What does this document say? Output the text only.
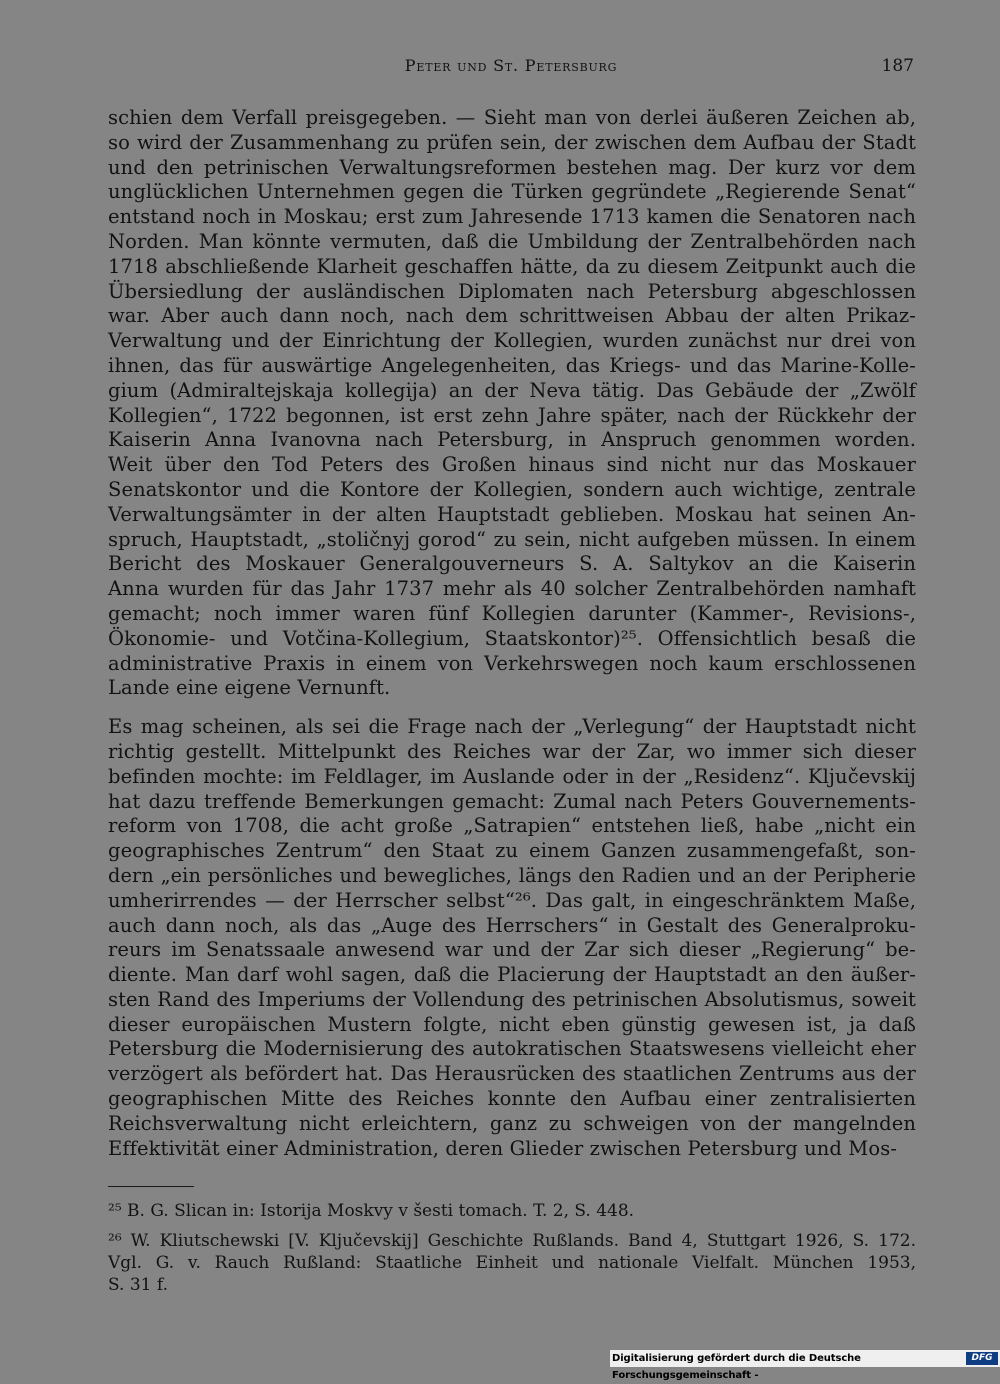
Peter und St. Petersburg	187

schien dem Verfall preisgegeben. — Sieht man von derlei äußeren Zeichen ab,

so wird der Zusammenhang zu prüfen sein, der zwischen dem Aufbau der Stadt

und den petrinischen Verwaltungsreformen bestehen mag. Der kurz vor dem

unglücklichen Unternehmen gegen die Türken gegründete „Regierende Senat“

entstand noch in Moskau; erst zum Jahresende 1713 kamen die Senatoren nach

Norden. Man könnte vermuten, daß die Umbildung der Zentralbehörden nach

1718 abschließende Klarheit geschaffen hätte, da zu diesem Zeitpunkt auch die

Übersiedlung der ausländischen Diplomaten nach Petersburg abgeschlossen

war. Aber auch dann noch, nach dem schrittweisen Abbau der alten Prikaz-

Verwaltung und der Einrichtung der Kollegien, wurden zunächst nur drei von

ihnen, das für auswärtige Angelegenheiten, das Kriegs- und das Marine-Kolle-

gium (Admiraltejskaja kollegija) an der Neva tätig. Das Gebäude der „Zwölf

Kollegien“, 1722 begonnen, ist erst zehn Jahre später, nach der Rückkehr der

Kaiserin Anna Ivanovna nach Petersburg, in Anspruch genommen worden.

Weit über den Tod Peters des Großen hinaus sind nicht nur das Moskauer

Senatskontor und die Kontore der Kollegien, sondern auch wichtige, zentrale

Verwaltungsämter in der alten Hauptstadt geblieben. Moskau hat seinen An-

spruch, Hauptstadt, „stoličnyj gorod“ zu sein, nicht aufgeben müssen. In einem

Bericht des Moskauer Generalgouverneurs S. A. Saltykov an die Kaiserin

Anna wurden für das Jahr 1737 mehr als 40 solcher Zentralbehörden namhaft

gemacht; noch immer waren fünf Kollegien darunter (Kammer-, Revisions-,

Ökonomie- und Votčina-Kollegium, Staatskontor)²⁵. Offensichtlich besaß die

administrative Praxis in einem von Verkehrswegen noch kaum erschlossenen

Lande eine eigene Vernunft.

Es mag scheinen, als sei die Frage nach der „Verlegung“ der Hauptstadt nicht

richtig gestellt. Mittelpunkt des Reiches war der Zar, wo immer sich dieser

befinden mochte: im Feldlager, im Auslande oder in der „Residenz“. Ključevskij

hat dazu treffende Bemerkungen gemacht: Zumal nach Peters Gouvernements-

reform von 1708, die acht große „Satrapien“ entstehen ließ, habe „nicht ein

geographisches Zentrum“ den Staat zu einem Ganzen zusammengefaßt, son-

dern „ein persönliches und bewegliches, längs den Radien und an der Peripherie

umherirrendes — der Herrscher selbst“²⁶. Das galt, in eingeschränktem Maße,

auch dann noch, als das „Auge des Herrschers“ in Gestalt des Generalproku-

reurs im Senatssaale anwesend war und der Zar sich dieser „Regierung“ be-

diente. Man darf wohl sagen, daß die Placierung der Hauptstadt an den äußer-

sten Rand des Imperiums der Vollendung des petrinischen Absolutismus, soweit

dieser europäischen Mustern folgte, nicht eben günstig gewesen ist, ja daß

Petersburg die Modernisierung des autokratischen Staatswesens vielleicht eher

verzögert als befördert hat. Das Herausrücken des staatlichen Zentrums aus der

geographischen Mitte des Reiches konnte den Aufbau einer zentralisierten

Reichsverwaltung nicht erleichtern, ganz zu schweigen von der mangelnden

Effektivität einer Administration, deren Glieder zwischen Petersburg und Mos-

²⁵ B. G. Slican in: Istorija Moskvy v šesti tomach. T. 2, S. 448.

²⁶ W. Kliutschewski [V. Ključevskij] Geschichte Rußlands. Band 4, Stuttgart 1926, S. 172.

Vgl. G. v. Rauch Rußland: Staatliche Einheit und nationale Vielfalt. München 1953,

S. 31 f.

Digitalisierung gefördert durch die Deutsche Forschungsgemeinschaft -
DFG
